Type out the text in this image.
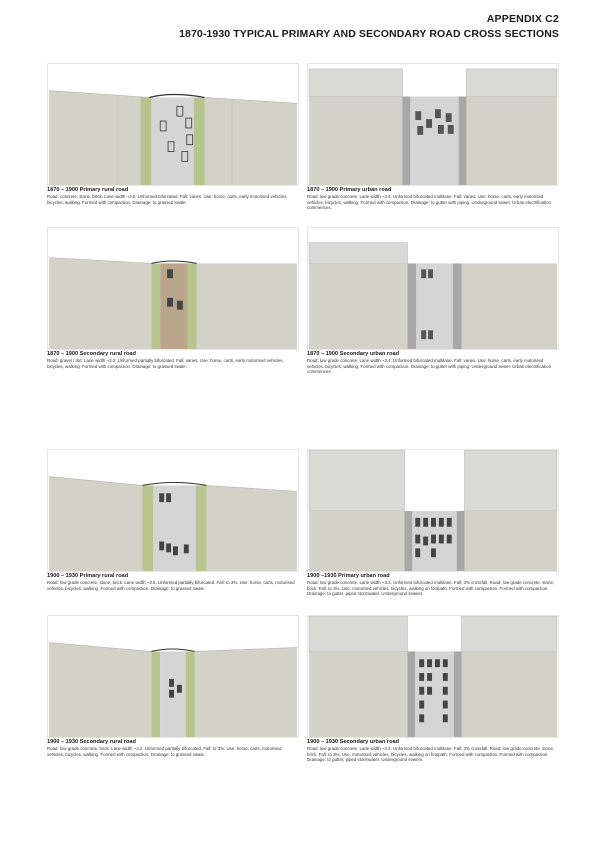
APPENDIX C2
1870-1930 TYPICAL PRIMARY AND SECONDARY ROAD CROSS SECTIONS
1870 – 1900 Primary rural road
Road: concrete, stone, brick. Lane width ~3.0. Unformed bifurcated. Fall: varies. Use: horse, carts, early motorised vehicles, bicycles, walking. Formed with compaction. Drainage: to grassed swale.
1870 – 1900 Primary urban road
Road: low grade concrete. Lane width ~3.4. Unformed bifurcated multilane. Fall: varies. Use: horse, carts, early motorised vehicles, bicycles, walking. Formed with compaction. Drainage: to gutter with piping. Underground sewer. Urban electrification commences.
1870 – 1900 Secondary rural road
Road: gravel / dirt. Lane width ~3.2. Unformed partially bifurcated. Fall: varies. Use: horse, carts, early motorised vehicles, bicycles, walking. Formed with compaction. Drainage: to grassed swale.
1870 – 1900 Secondary urban road
Road: low grade concrete. Lane width ~3.4. Unformed bifurcated multilane. Fall: varies. Use: horse, carts, early motorised vehicles, bicycles, walking. Formed with compaction. Drainage: to gutter with piping. Underground sewer. Urban electrification commences.
1900 – 1930 Primary rural road
Road: low grade concrete, stone, brick. Lane width ~3.5. Unformed partially bifurcated. Fall: to 3%. Use: horse, carts, motorised vehicles, bicycles, walking. Formed with compaction. Drainage: to grassed swale.
1900 –1930 Primary urban road
Road: low grade concrete. Lane width ~3.3. Unformed bifurcated multilane. Fall: 3% crossfall. Road: low grade concrete, stone, brick. Fall: to 3%. Use: motorised vehicles, bicycles, walking on footpath. Formed with compaction. Formed with compaction. Drainage: to gutter, piped stormwater. Underground sewers.
1900 – 1930 Secondary rural road
Road: low grade concrete, brick. Lane width ~3.2. Unformed partially bifurcated. Fall: to 3%. Use: horse, carts, motorised vehicles, bicycles, walking. Formed with compaction. Drainage: to grassed swale.
1900 – 1930 Secondary urban road
Road: low grade concrete. Lane width ~3.3. Unformed bifurcated multilane. Fall: 3% crossfall. Road: low grade concrete, stone, brick. Fall: to 3%. Use: motorised vehicles, bicycles, walking on footpath. Formed with compaction. Formed with compaction. Drainage: to gutter, piped stormwater. Underground sewers.
